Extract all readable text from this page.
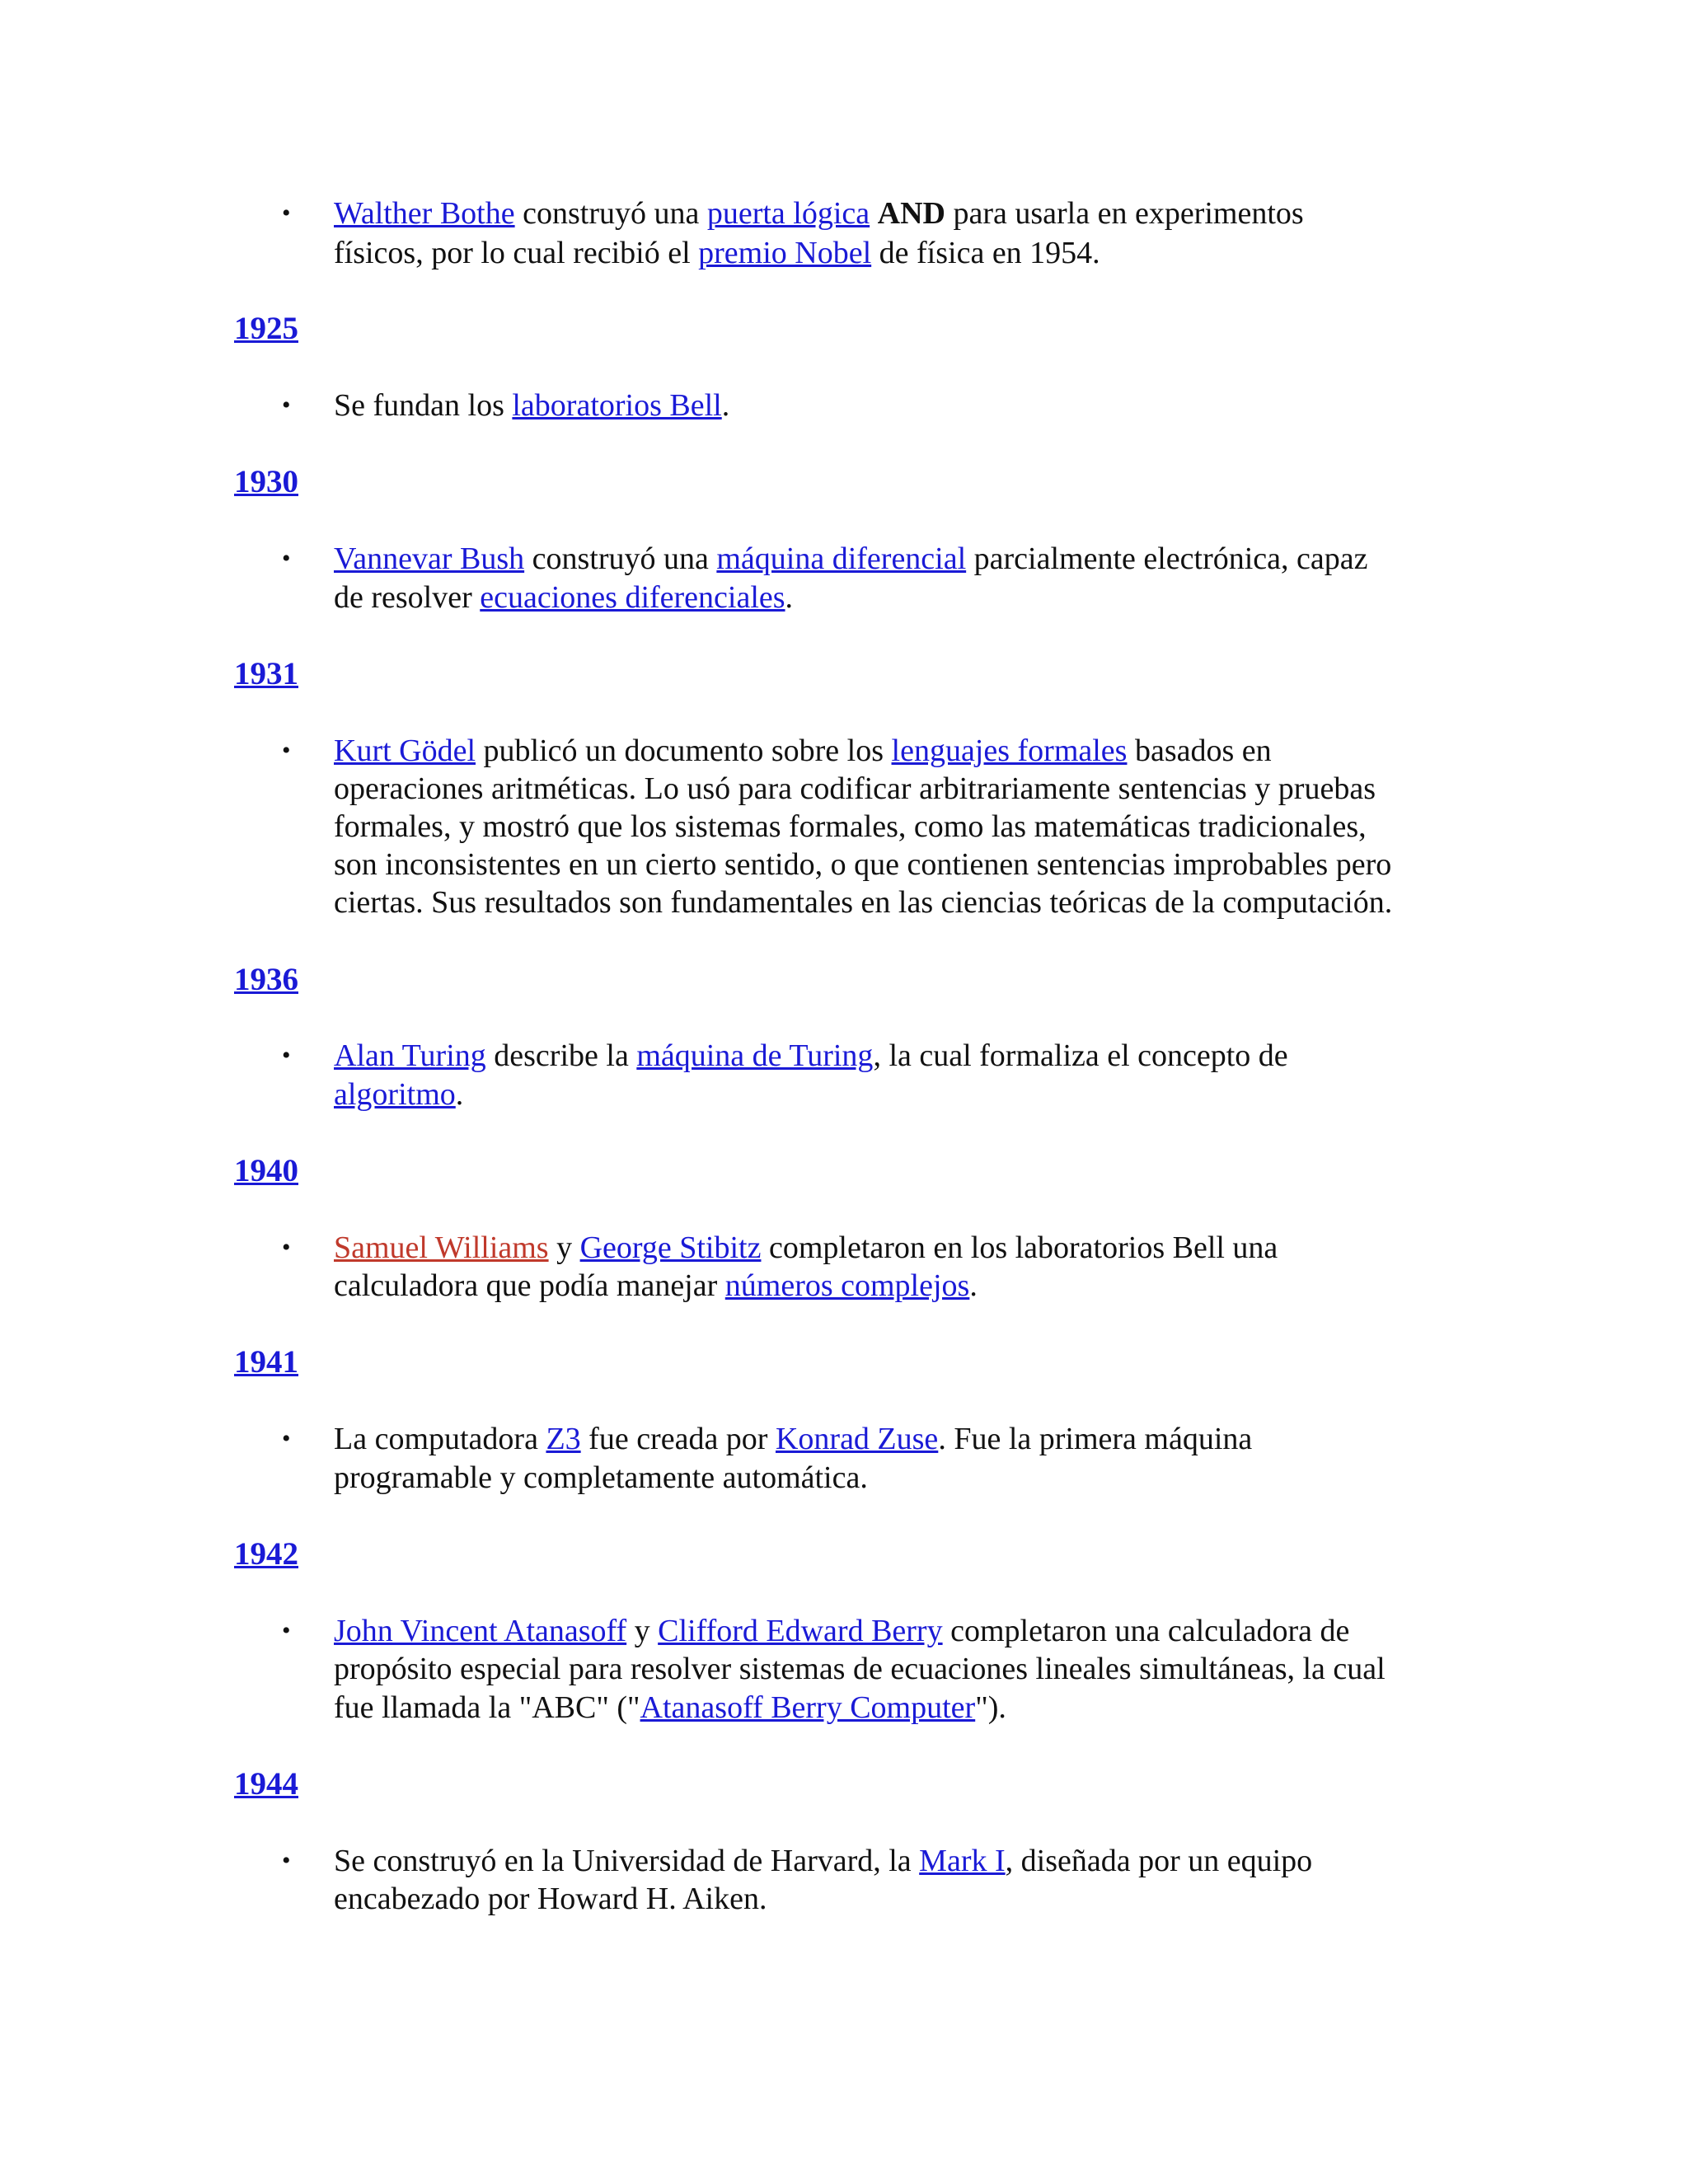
• Walther Bothe construyó una puerta lógica AND para usarla en experimentos
físicos, por lo cual recibió el premio Nobel de física en 1954.
1925
• Se fundan los laboratorios Bell.
1930
• Vannevar Bush construyó una máquina diferencial parcialmente electrónica, capaz
de resolver ecuaciones diferenciales.
1931
• Kurt Gödel publicó un documento sobre los lenguajes formales basados en
operaciones aritméticas. Lo usó para codificar arbitrariamente sentencias y pruebas
formales, y mostró que los sistemas formales, como las matemáticas tradicionales,
son inconsistentes en un cierto sentido, o que contienen sentencias improbables pero
ciertas. Sus resultados son fundamentales en las ciencias teóricas de la computación.
1936
• Alan Turing describe la máquina de Turing, la cual formaliza el concepto de
algoritmo.
1940
• Samuel Williams y George Stibitz completaron en los laboratorios Bell una
calculadora que podía manejar números complejos.
1941
• La computadora Z3 fue creada por Konrad Zuse. Fue la primera máquina
programable y completamente automática.
1942
• John Vincent Atanasoff y Clifford Edward Berry completaron una calculadora de
propósito especial para resolver sistemas de ecuaciones lineales simultáneas, la cual
fue llamada la "ABC" ("Atanasoff Berry Computer").
1944
• Se construyó en la Universidad de Harvard, la Mark I, diseñada por un equipo
encabezado por Howard H. Aiken.
